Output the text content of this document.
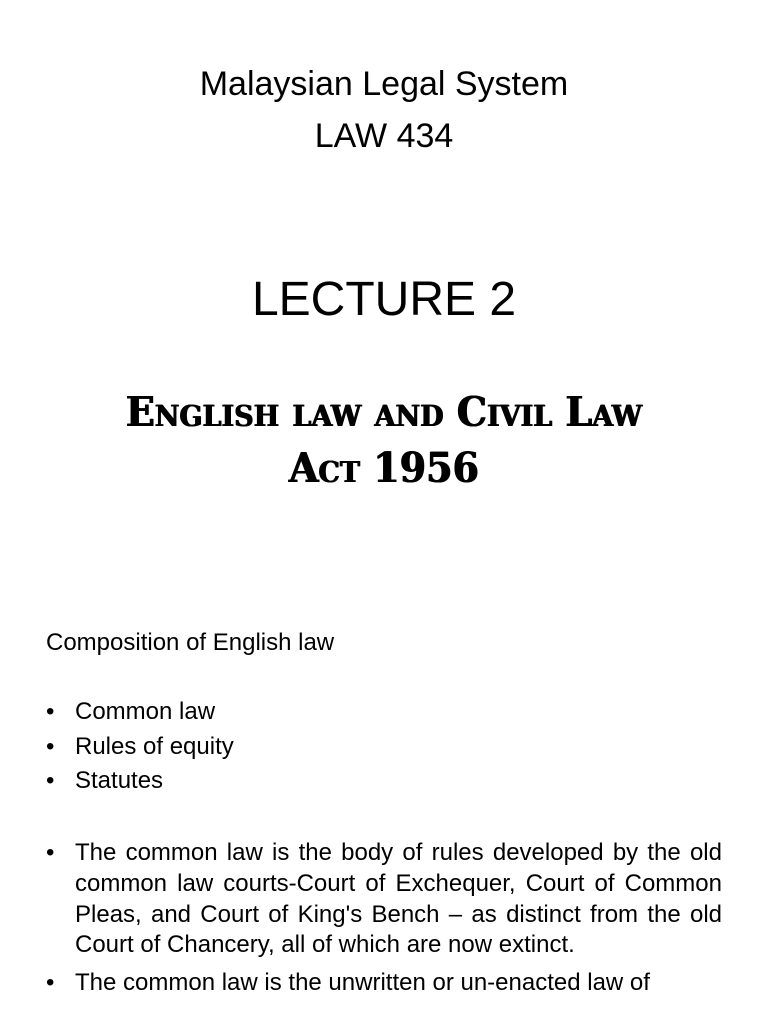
Malaysian Legal System
LAW 434
LECTURE 2
English law and Civil Law
Act 1956
Composition of English law
• Common law
• Rules of equity
• Statutes
• The common law is the body of rules developed by the old common law courts-Court of Exchequer, Court of Common Pleas, and Court of King's Bench – as distinct from the old Court of Chancery, all of which are now extinct.
• The common law is the unwritten or un-enacted law of
